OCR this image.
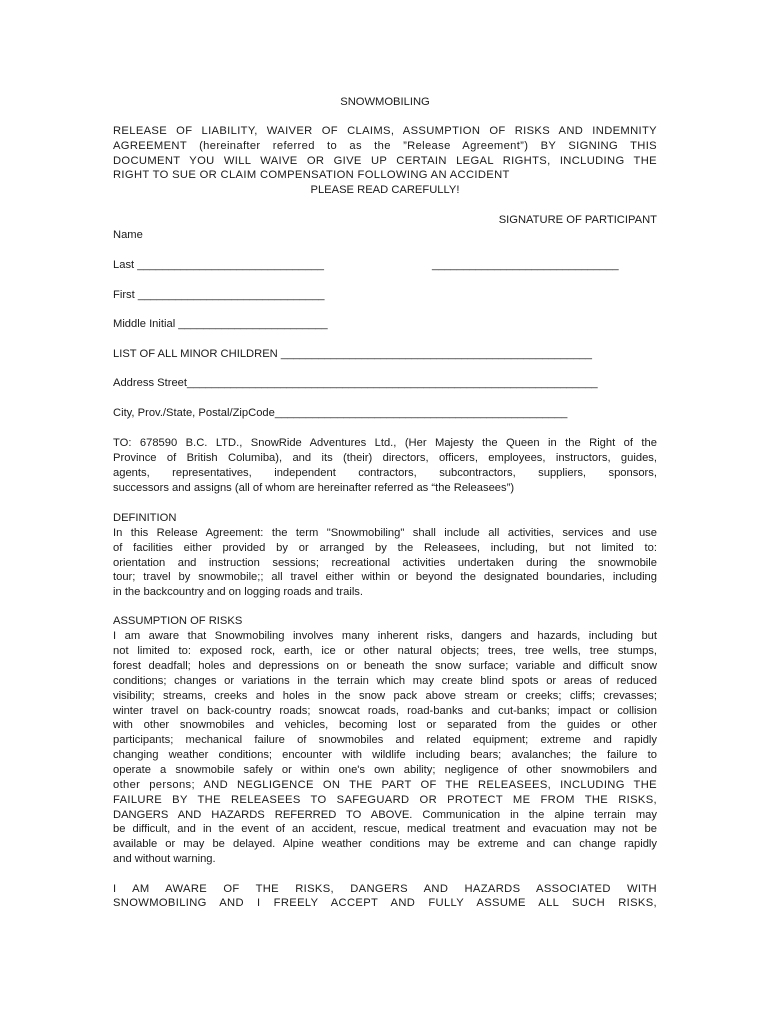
SNOWMOBILING
RELEASE OF LIABILITY, WAIVER OF CLAIMS, ASSUMPTION OF RISKS AND INDEMNITY
AGREEMENT (hereinafter referred to as the ”Release Agreement”) BY SIGNING THIS
DOCUMENT YOU WILL WAIVE OR GIVE UP CERTAIN LEGAL RIGHTS, INCLUDING THE
RIGHT TO SUE OR CLAIM COMPENSATION FOLLOWING AN ACCIDENT
PLEASE READ CAREFULLY!
SIGNATURE OF PARTICIPANT
Name
Last ______________________________	______________________________
First ______________________________
Middle Initial ________________________
LIST OF ALL MINOR CHILDREN __________________________________________________
Address Street__________________________________________________________________
City, Prov./State, Postal/ZipCode_______________________________________________
TO: 678590 B.C. LTD., SnowRide Adventures Ltd., (Her Majesty the Queen in the Right of the
Province of British Columiba), and its (their) directors, officers, employees, instructors, guides,
agents, representatives, independent contractors, subcontractors, suppliers, sponsors,
successors and assigns (all of whom are hereinafter referred as “the Releasees”)
DEFINITION
In this Release Agreement: the term "Snowmobiling" shall include all activities, services and use
of facilities either provided by or arranged by the Releasees, including, but not limited to:
orientation and instruction sessions; recreational activities undertaken during the snowmobile
tour; travel by snowmobile;; all travel either within or beyond the designated boundaries, including
in the backcountry and on logging roads and trails.
ASSUMPTION OF RISKS
I am aware that Snowmobiling involves many inherent risks, dangers and hazards, including but
not limited to: exposed rock, earth, ice or other natural objects; trees, tree wells, tree stumps,
forest deadfall; holes and depressions on or beneath the snow surface; variable and difficult snow
conditions; changes or variations in the terrain which may create blind spots or areas of reduced
visibility; streams, creeks and holes in the snow pack above stream or creeks; cliffs; crevasses;
winter travel on back-country roads; snowcat roads, road-banks and cut-banks; impact or collision
with other snowmobiles and vehicles, becoming lost or separated from the guides or other
participants; mechanical failure of snowmobiles and related equipment; extreme and rapidly
changing weather conditions; encounter with wildlife including bears; avalanches; the failure to
operate a snowmobile safely or within one's own ability; negligence of other snowmobilers and
other persons; AND NEGLIGENCE ON THE PART OF THE RELEASEES, INCLUDING THE
FAILURE BY THE RELEASEES TO SAFEGUARD OR PROTECT ME FROM THE RISKS,
DANGERS AND HAZARDS REFERRED TO ABOVE. Communication in the alpine terrain may
be difficult, and in the event of an accident, rescue, medical treatment and evacuation may not be
available or may be delayed. Alpine weather conditions may be extreme and can change rapidly
and without warning.
I AM AWARE OF THE RISKS, DANGERS AND HAZARDS ASSOCIATED WITH
SNOWMOBILING AND I FREELY ACCEPT AND FULLY ASSUME ALL SUCH RISKS,
